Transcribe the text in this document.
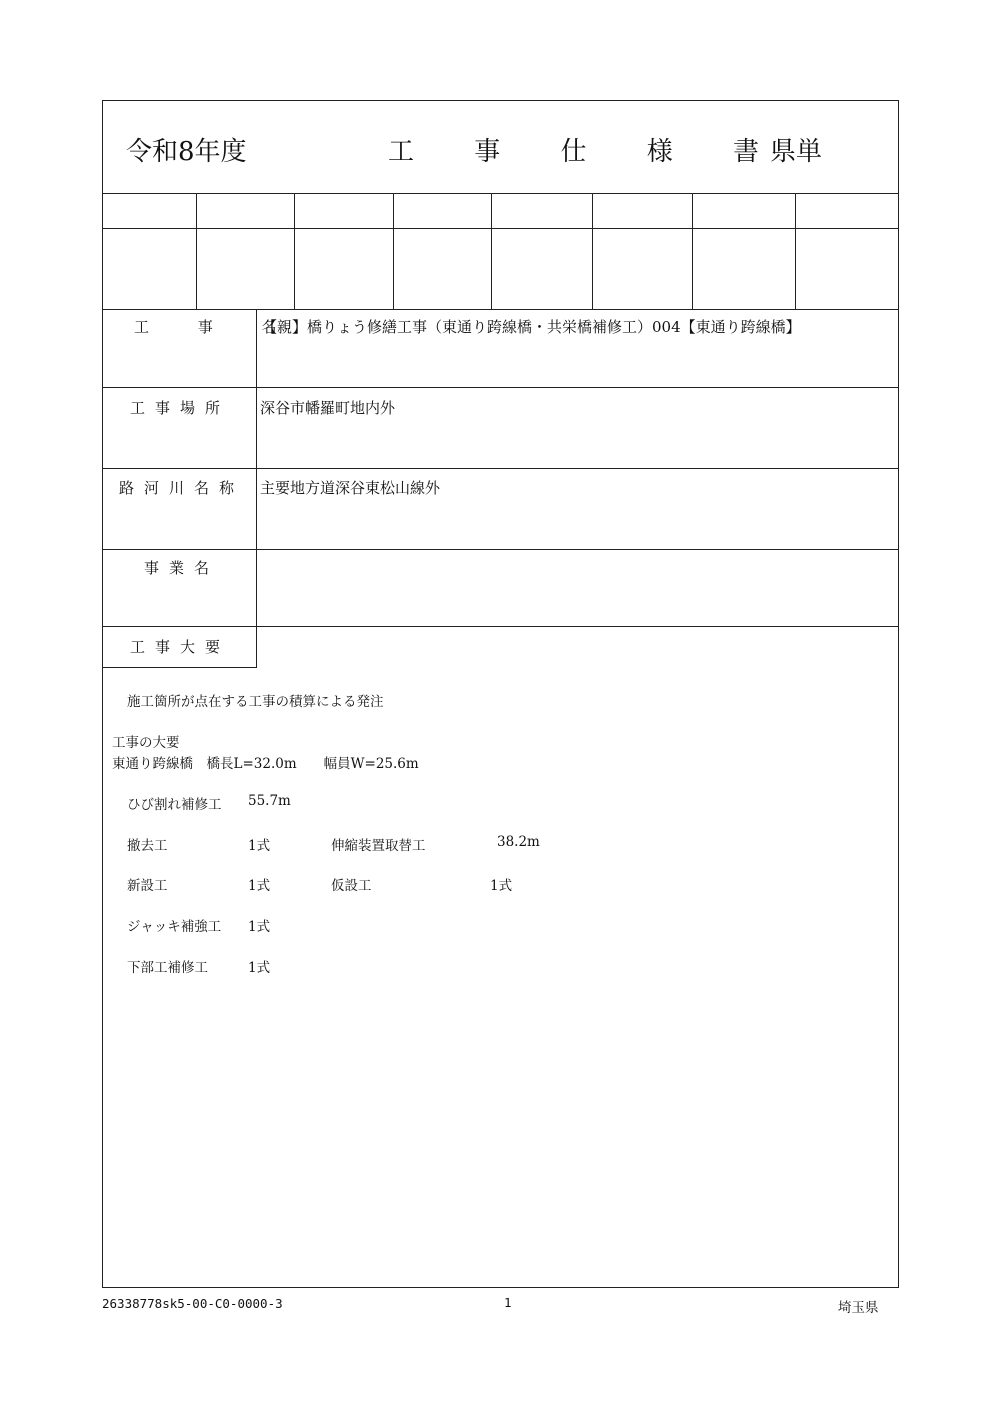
令和8年度	工 事 仕 様 書
県単
工 事 名
【親】橋りょう修繕工事（東通り跨線橋・共栄橋補修工）004【東通り跨線橋】
工事場所 深谷市幡羅町地内外
路河川名称 主要地方道深谷東松山線外
事業名
工事大要
施工箇所が点在する工事の積算による発注
工事の大要
東通り跨線橋　橋長L=32.0m　　幅員W=25.6m
ひび割れ補修工 55.7m
撤去工	1式	伸縮装置取替工	38.2m
新設工	1式	仮設工	1式
ジャッキ補強工 1式
下部工補修工	1式
26338778sk5-00-C0-0000-3	1	埼玉県
